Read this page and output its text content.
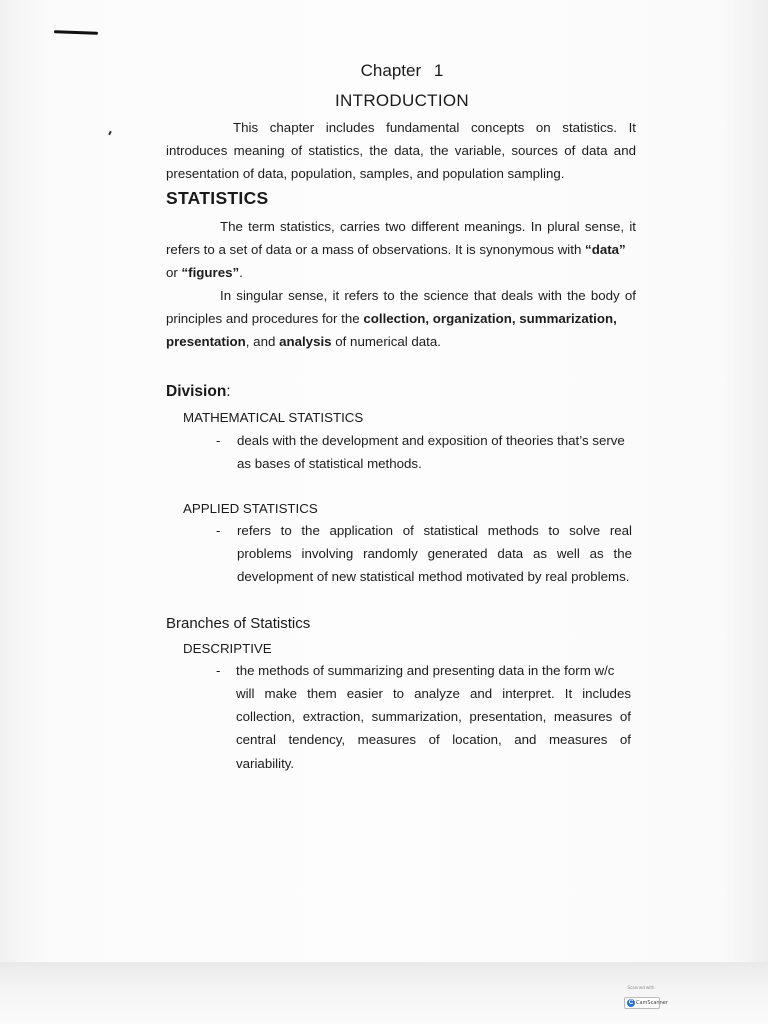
Chapter 1
INTRODUCTION
This chapter includes fundamental concepts on statistics. It
introduces meaning of statistics, the data, the variable, sources of data and
presentation of data, population, samples, and population sampling.
STATISTICS
The term statistics, carries two different meanings. In plural sense, it
refers to a set of data or a mass of observations. It is synonymous with “data”
or “figures”.
In singular sense, it refers to the science that deals with the body of
principles and procedures for the collection, organization, summarization,
presentation, and analysis of numerical data.
Division:
MATHEMATICAL STATISTICS
- deals with the development and exposition of theories that’s serve
as bases of statistical methods.
APPLIED STATISTICS
- refers to the application of statistical methods to solve real
problems involving randomly generated data as well as the
development of new statistical method motivated by real problems.
Branches of Statistics
DESCRIPTIVE
- the methods of summarizing and presenting data in the form w/c
will make them easier to analyze and interpret. It includes
collection, extraction, summarization, presentation, measures of
central tendency, measures of location, and measures of
variability.
Scanned with
C CamScanner
